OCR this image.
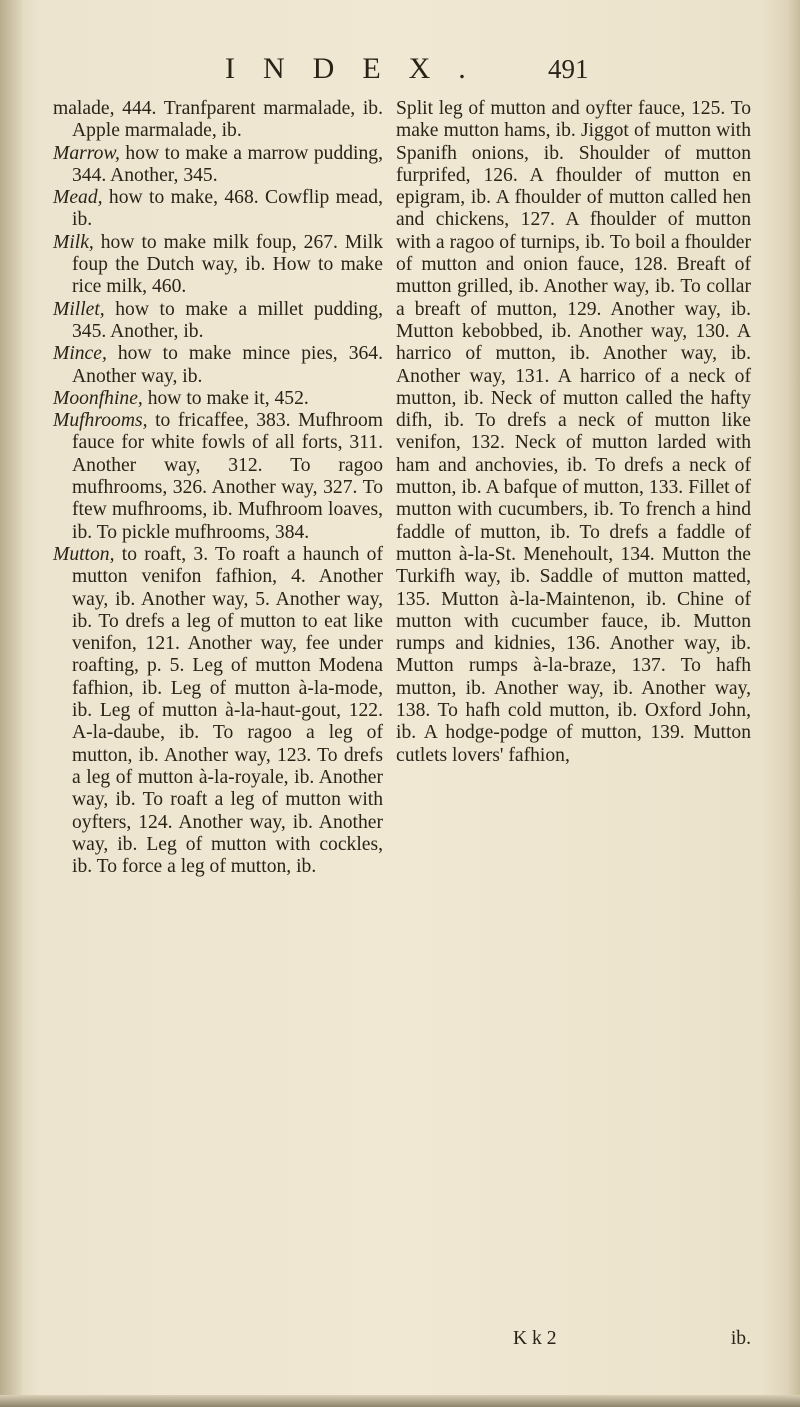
INDEX.	491

malade, 444. Tranfparent marmalade, ib. Apple marmalade, ib.

Marrow, how to make a marrow pudding, 344. Another, 345.

Mead, how to make, 468. Cowflip mead, ib.

Milk, how to make milk foup, 267. Milk foup the Dutch way, ib. How to make rice milk, 460.

Millet, how to make a millet pudding, 345. Another, ib.

Mince, how to make mince pies, 364. Another way, ib.

Moonfhine, how to make it, 452.

Mufhrooms, to fricaffee, 383. Mufhroom fauce for white fowls of all forts, 311. Another way, 312. To ragoo mufhrooms, 326. Another way, 327. To ftew mufhrooms, ib. Mufhroom loaves, ib. To pickle mufhrooms, 384.

Mutton, to roaft, 3. To roaft a haunch of mutton venifon fafhion, 4. Another way, ib. Another way, 5. Another way, ib. To drefs a leg of mutton to eat like venifon, 121. Another way, fee under roafting, p. 5. Leg of mutton Modena fafhion, ib. Leg of mutton à-la-mode, ib. Leg of mutton à-la-haut-gout, 122. A-la-daube, ib. To ragoo a leg of mutton, ib. Another way, 123. To drefs a leg of mutton à-la-royale, ib. Another way, ib. To roaft a leg of mutton with oyfters, 124. Another way, ib. Another way, ib. Leg of mutton with cockles, ib. To force a leg of mutton, ib.

Split leg of mutton and oyfter fauce, 125. To make mutton hams, ib. Jiggot of mutton with Spanifh onions, ib. Shoulder of mutton furprifed, 126. A fhoulder of mutton en epigram, ib. A fhoulder of mutton called hen and chickens, 127. A fhoulder of mutton with a ragoo of turnips, ib. To boil a fhoulder of mutton and onion fauce, 128. Breaft of mutton grilled, ib. Another way, ib. To collar a breaft of mutton, 129. Another way, ib. Mutton kebobbed, ib. Another way, 130. A harrico of mutton, ib. Another way, ib. Another way, 131. A harrico of a neck of mutton, ib. Neck of mutton called the hafty difh, ib. To drefs a neck of mutton like venifon, 132. Neck of mutton larded with ham and anchovies, ib. To drefs a neck of mutton, ib. A bafque of mutton, 133. Fillet of mutton with cucumbers, ib. To french a hind faddle of mutton, ib. To drefs a faddle of mutton à-la-St. Menehoult, 134. Mutton the Turkifh way, ib. Saddle of mutton matted, 135. Mutton à-la-Maintenon, ib. Chine of mutton with cucumber fauce, ib. Mutton rumps and kidnies, 136. Another way, ib. Mutton rumps à-la-braze, 137. To hafh mutton, ib. Another way, ib. Another way, 138. To hafh cold mutton, ib. Oxford John, ib. A hodge-podge of mutton, 139. Mutton cutlets lovers' fafhion,

K k 2	ib.
